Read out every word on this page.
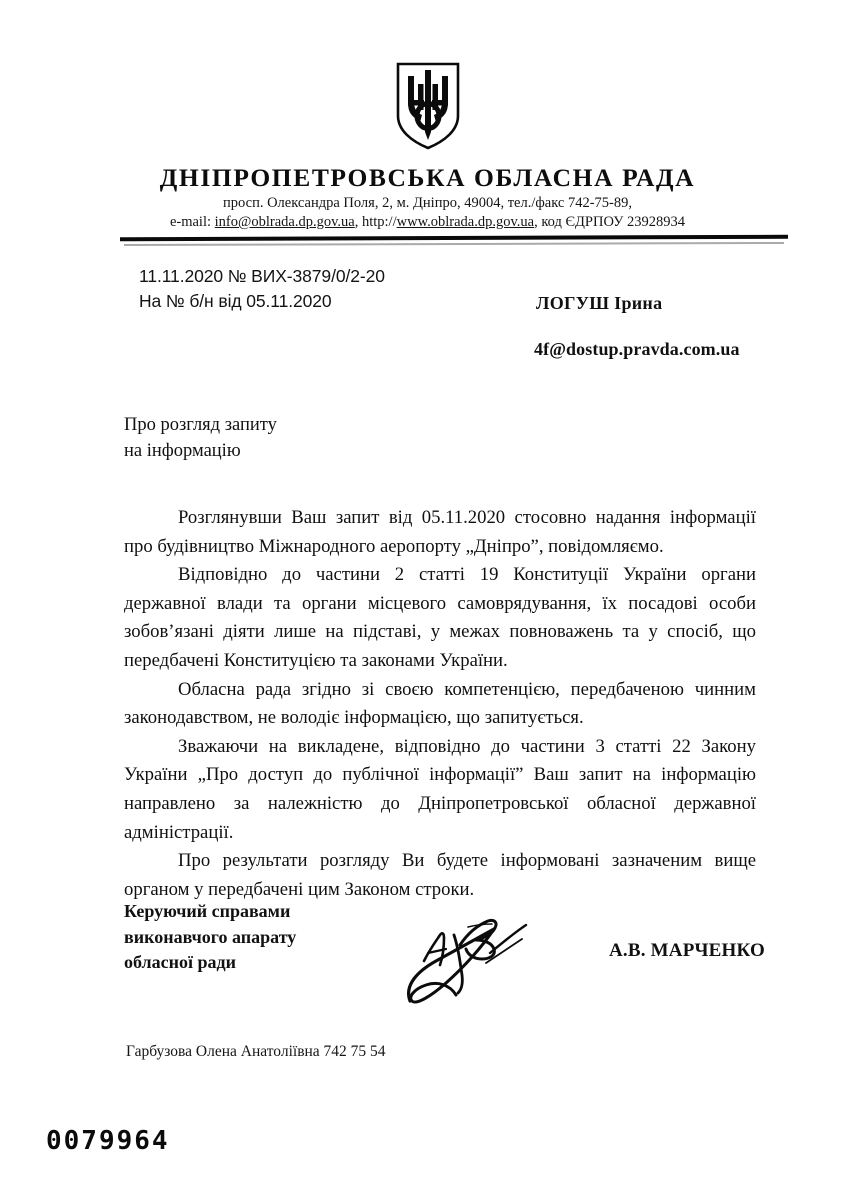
ДНІПРОПЕТРОВСЬКА ОБЛАСНА РАДА
просп. Олександра Поля, 2, м. Дніпро, 49004, тел./факс 742-75-89,
e-mail: info@oblrada.dp.gov.ua, http://www.oblrada.dp.gov.ua, код ЄДРПОУ 23928934
11.11.2020 № ВИХ-3879/0/2-20
На № б/н від 05.11.2020	ЛОГУШ Ірина
4f@dostup.pravda.com.ua
Про розгляд запиту
на інформацію

Розглянувши Ваш запит від 05.11.2020 стосовно надання інформації про будівництво Міжнародного аеропорту „Дніпро”, повідомляємо.

Відповідно до частини 2 статті 19 Конституції України органи державної влади та органи місцевого самоврядування, їх посадові особи зобов’язані діяти лише на підставі, у межах повноважень та у спосіб, що передбачені Конституцією та законами України.

Обласна рада згідно зі своєю компетенцією, передбаченою чинним законодавством, не володіє інформацією, що запитується.

Зважаючи на викладене, відповідно до частини 3 статті 22 Закону України „Про доступ до публічної інформації” Ваш запит на інформацію направлено за належністю до Дніпропетровської обласної державної адміністрації.

Про результати розгляду Ви будете інформовані зазначеним вище органом у передбачені цим Законом строки.

Керуючий справами
виконавчого апарату
обласної ради
А.В. МАРЧЕНКО
Гарбузова Олена Анатоліївна 742 75 54
0079964
